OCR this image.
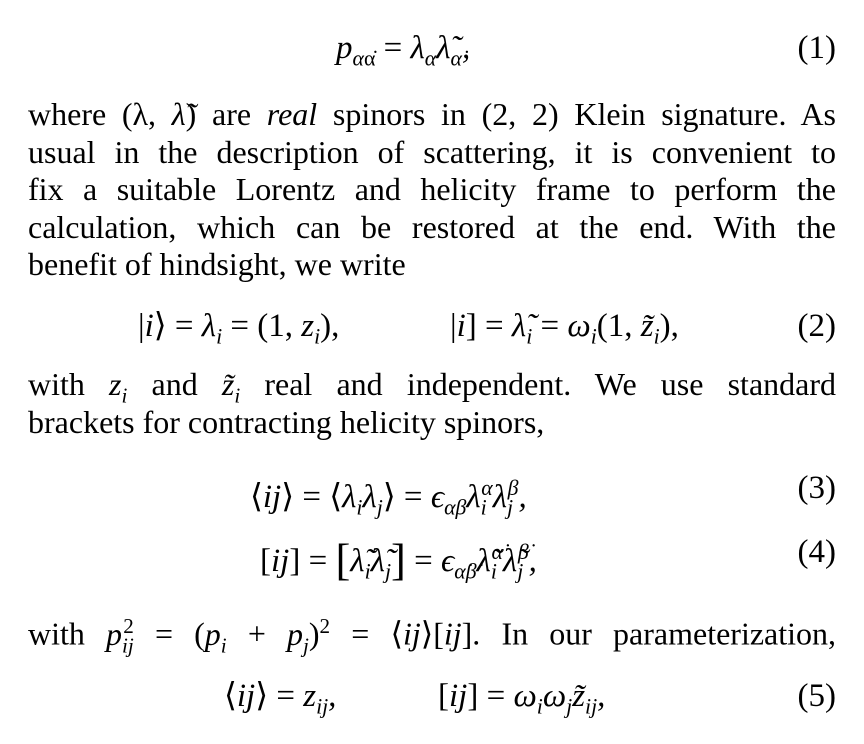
$p_{\alpha\alphȧ}$ = $\lambda_\alpha\lambdã_{\alphȧ}$,	(1)
where (λ, λ̃) are real spinors in (2, 2) Klein signature. As
usual in the description of scattering, it is convenient to
fix a suitable Lorentz and helicity frame to perform the
calculation, which can be restored at the end. With the
benefit of hindsight, we write
|i⟩ = $\lambda_i = (1$, $z_i$),	$|i] = \lambdã_i = \omega_i(1$, $z̃_i$),	(2)
with $z_i$ and $z̃_i$ real and independent. We use standard
brackets for contracting helicity spinors,
⟨ij⟩ = $⟨\lambda_i\lambda_j⟩ = \epsilon_{\alpha\beta}\lambda_i^\alpha\lambda_j^\beta$,	(3)
$[ij] = [\lambdã_i\lambdã_j]$ = $\epsilon_{\alphȧ\betȧ}\lambdã_i^{\alphȧ}\lambdã_j^{\betȧ}$,	(4)
with $p_{ij}^2 = (p_i + p_j)^2$ = ⟨ij⟩[ij]. In our parameterization,
⟨ij⟩ = $z_{ij}$,	$[ij] = \omega_i\omega_jz̃_{ij}$,	(5)
